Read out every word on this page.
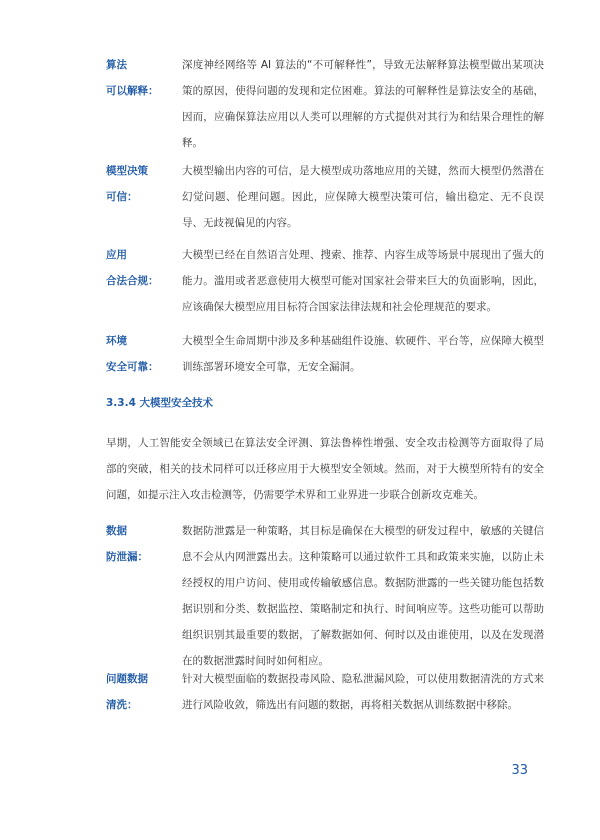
算法
可以解释：
深度神经网络等 AI 算法的“不可解释性”，导致无法解释算法模型做出某项决策的原因，使得问题的发现和定位困难。算法的可解释性是算法安全的基础，因而，应确保算法应用以人类可以理解的方式提供对其行为和结果合理性的解释。
模型决策
可信：
大模型输出内容的可信，是大模型成功落地应用的关键，然而大模型仍然潜在幻觉问题、伦理问题。因此，应保障大模型决策可信，输出稳定、无不良误导、无歧视偏见的内容。
应用
合法合规：
大模型已经在自然语言处理、搜索、推荐、内容生成等场景中展现出了强大的能力。滥用或者恶意使用大模型可能对国家社会带来巨大的负面影响，因此，应该确保大模型应用目标符合国家法律法规和社会伦理规范的要求。
环境
安全可靠：
大模型全生命周期中涉及多种基础组件设施、软硬件、平台等，应保障大模型训练部署环境安全可靠，无安全漏洞。
3.3.4 大模型安全技术
早期，人工智能安全领域已在算法安全评测、算法鲁棒性增强、安全攻击检测等方面取得了局部的突破，相关的技术同样可以迁移应用于大模型安全领域。然而，对于大模型所特有的安全问题，如提示注入攻击检测等，仍需要学术界和工业界进一步联合创新攻克难关。
数据
防泄漏：
数据防泄露是一种策略，其目标是确保在大模型的研发过程中，敏感的关键信息不会从内网泄露出去。这种策略可以通过软件工具和政策来实施，以防止未经授权的用户访问、使用或传输敏感信息。数据防泄露的一些关键功能包括数据识别和分类、数据监控、策略制定和执行、时间响应等。这些功能可以帮助组织识别其最重要的数据，了解数据如何、何时以及由谁使用，以及在发现潜在的数据泄露时间时如何相应。
问题数据
清洗：
针对大模型面临的数据投毒风险、隐私泄漏风险，可以使用数据清洗的方式来进行风险收敛，筛选出有问题的数据，再将相关数据从训练数据中移除。
33
